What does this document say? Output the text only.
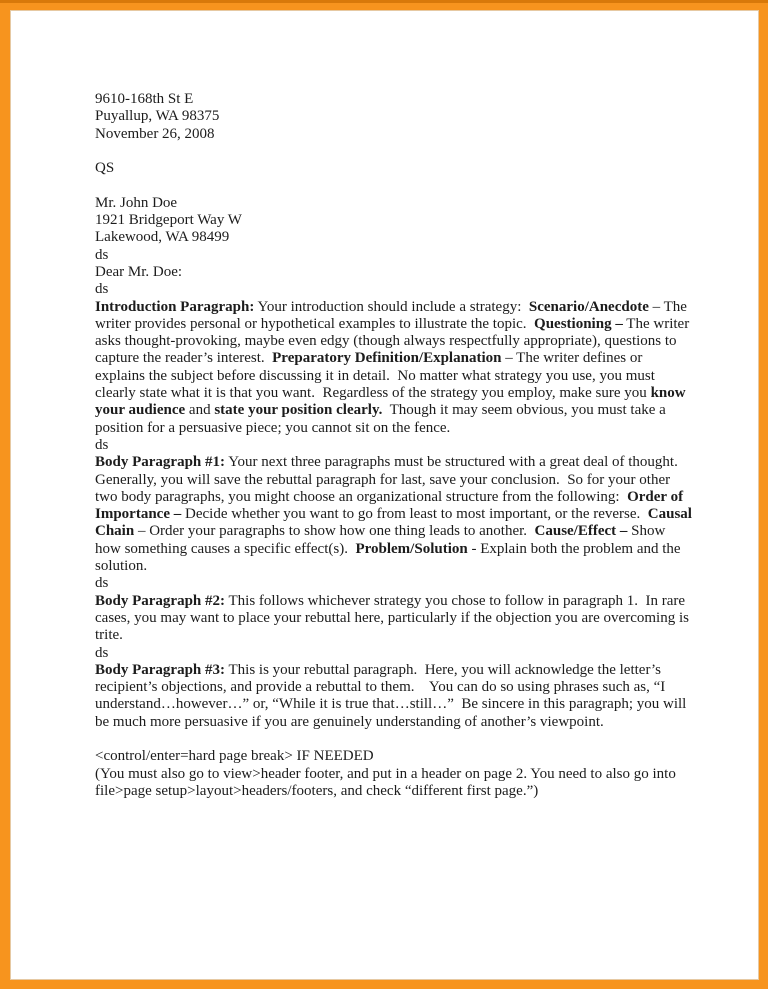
9610-168th St E
Puyallup, WA 98375
November 26, 2008
QS
Mr. John Doe
1921 Bridgeport Way W
Lakewood, WA 98499
ds
Dear Mr. Doe:
ds
Introduction Paragraph: Your introduction should include a strategy:  Scenario/Anecdote – The writer provides personal or hypothetical examples to illustrate the topic.  Questioning – The writer asks thought-provoking, maybe even edgy (though always respectfully appropriate), questions to capture the reader’s interest.  Preparatory Definition/Explanation – The writer defines or explains the subject before discussing it in detail.  No matter what strategy you use, you must clearly state what it is that you want.  Regardless of the strategy you employ, make sure you know your audience and state your position clearly.  Though it may seem obvious, you must take a position for a persuasive piece; you cannot sit on the fence.
ds
Body Paragraph #1: Your next three paragraphs must be structured with a great deal of thought.  Generally, you will save the rebuttal paragraph for last, save your conclusion.  So for your other two body paragraphs, you might choose an organizational structure from the following:  Order of Importance – Decide whether you want to go from least to most important, or the reverse.  Causal Chain – Order your paragraphs to show how one thing leads to another.  Cause/Effect – Show how something causes a specific effect(s).  Problem/Solution - Explain both the problem and the solution.
ds
Body Paragraph #2: This follows whichever strategy you chose to follow in paragraph 1.  In rare cases, you may want to place your rebuttal here, particularly if the objection you are overcoming is trite.
ds
Body Paragraph #3: This is your rebuttal paragraph.  Here, you will acknowledge the letter’s recipient’s objections, and provide a rebuttal to them.    You can do so using phrases such as, “I understand…however…” or, “While it is true that…still…”  Be sincere in this paragraph; you will be much more persuasive if you are genuinely understanding of another’s viewpoint.
<control/enter=hard page break> IF NEEDED
(You must also go to view>header footer, and put in a header on page 2. You need to also go into file>page setup>layout>headers/footers, and check “different first page.”)
